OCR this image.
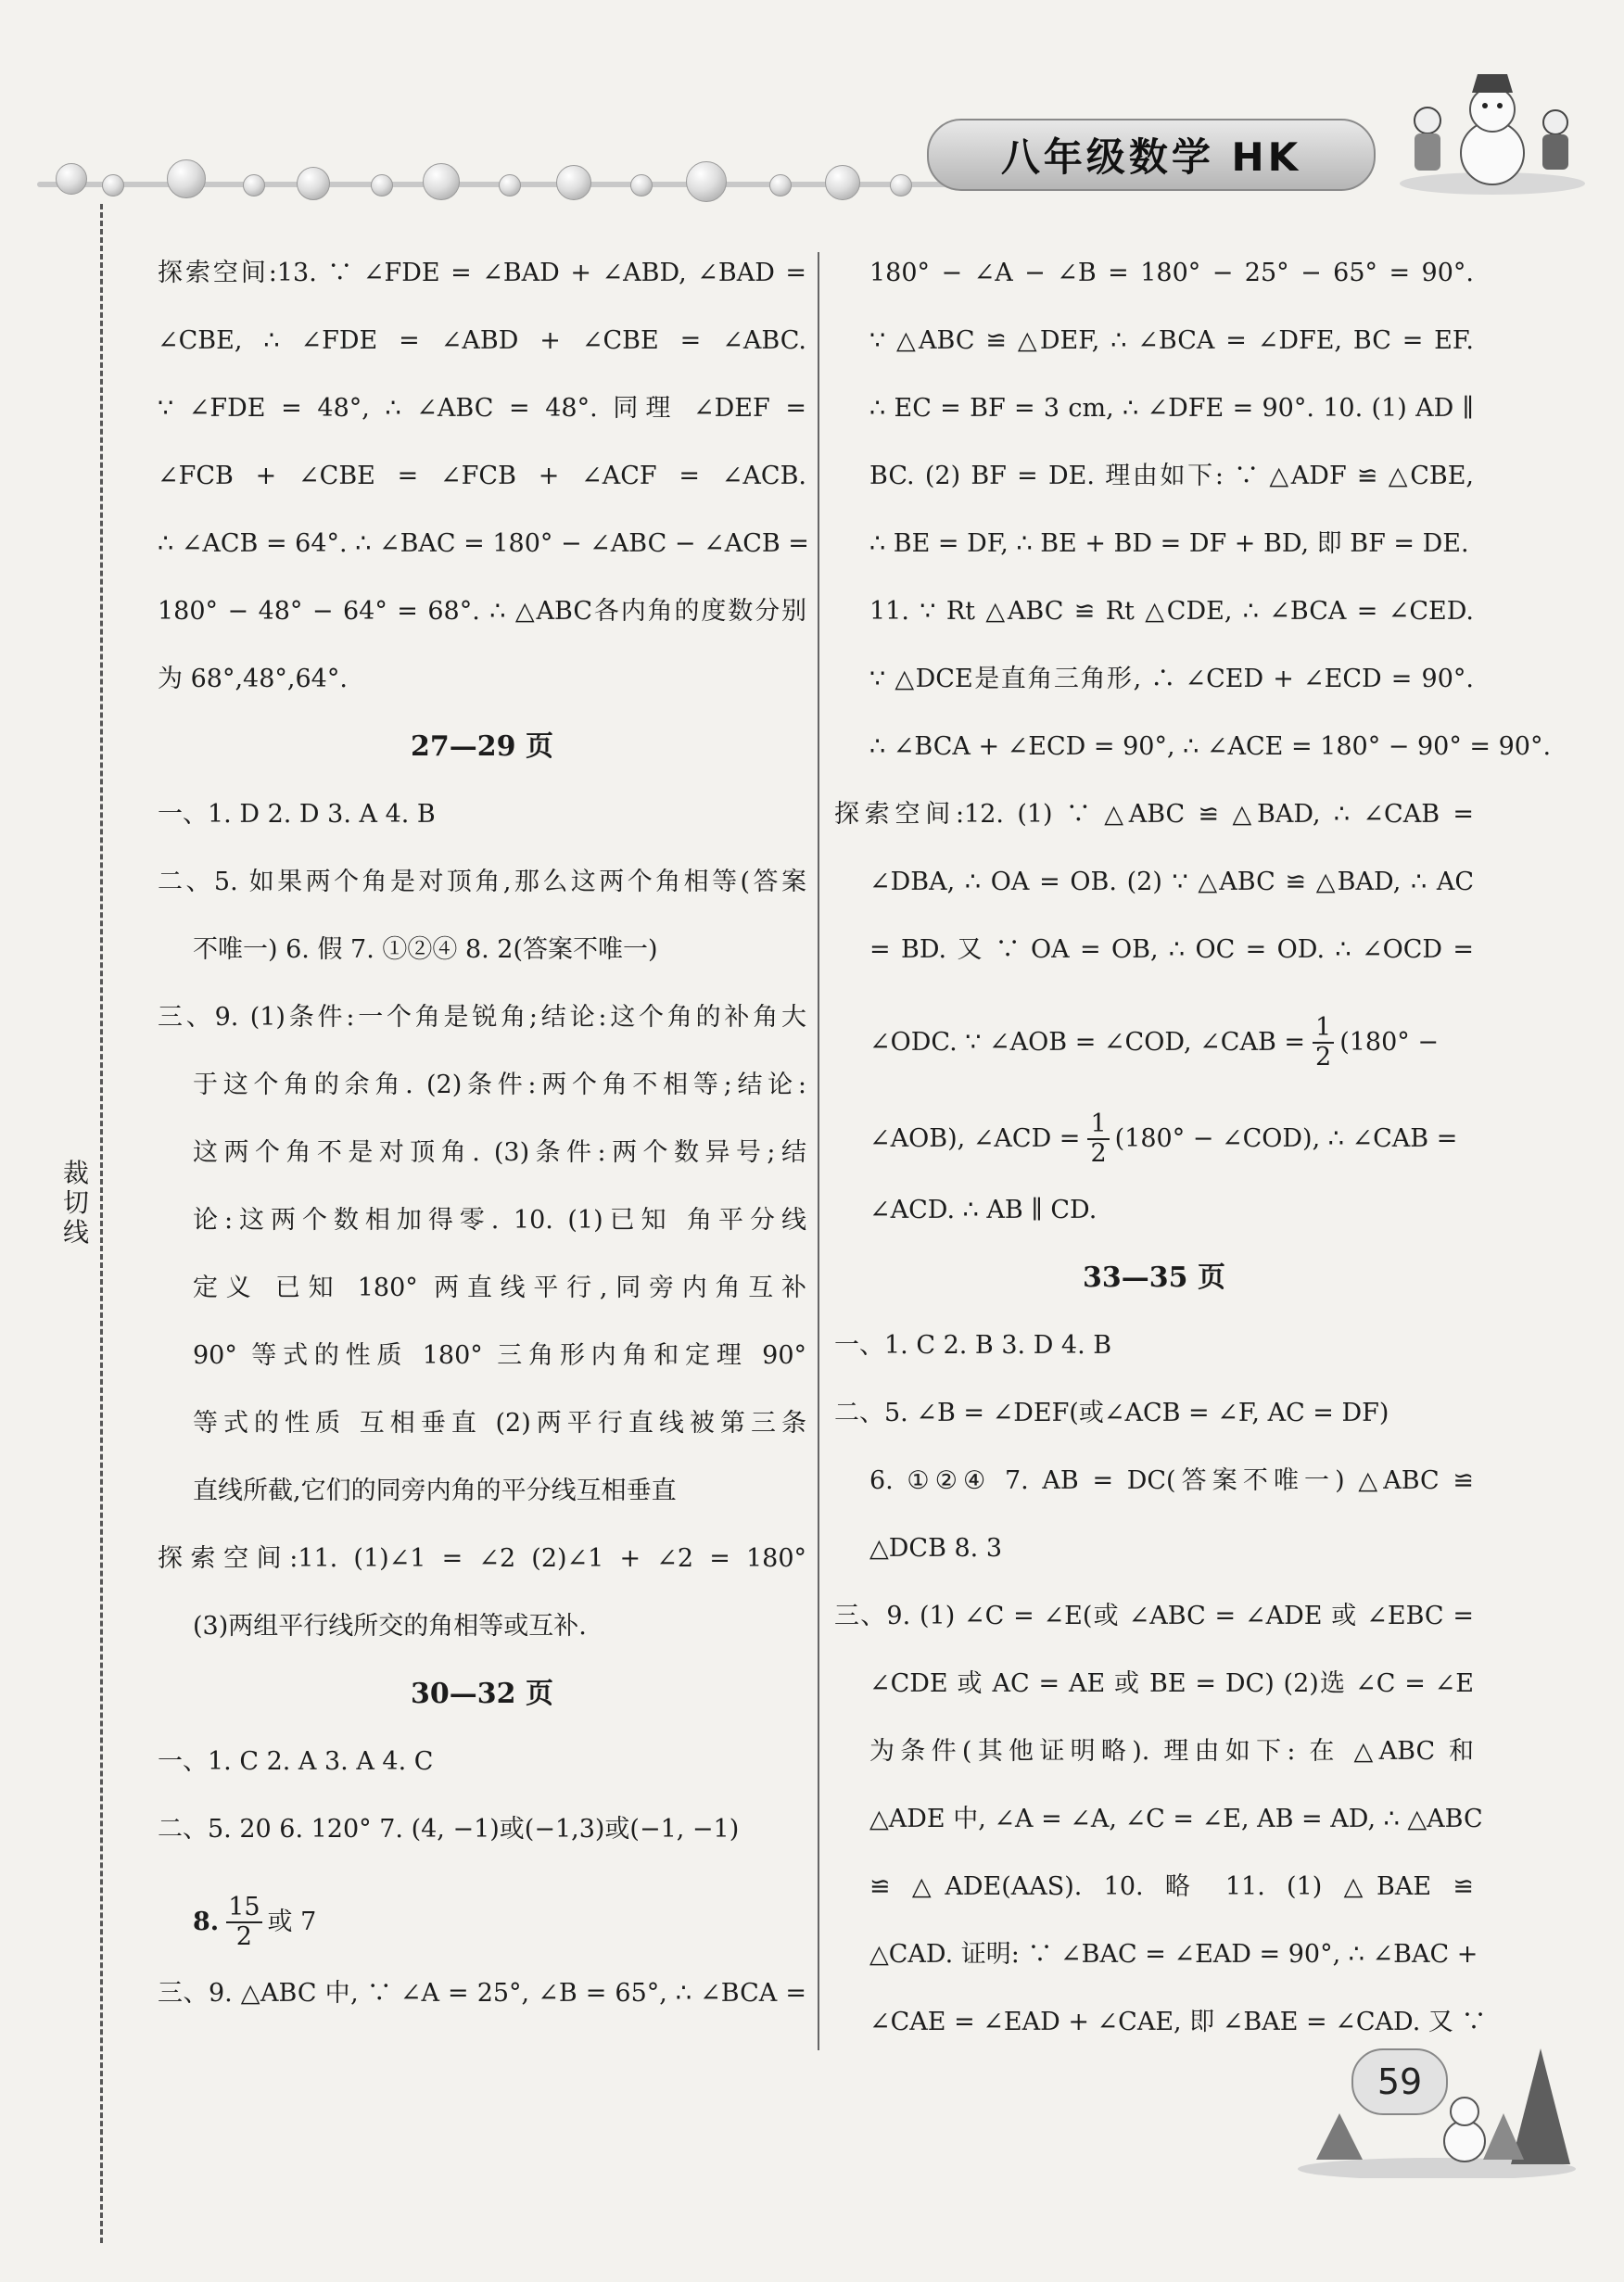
八年级数学 HK
裁切线
探索空间:13. ∵ ∠FDE = ∠BAD + ∠ABD, ∠BAD =
∠CBE, ∴ ∠FDE = ∠ABD + ∠CBE = ∠ABC.
∵ ∠FDE = 48°, ∴ ∠ABC = 48°. 同理 ∠DEF =
∠FCB + ∠CBE = ∠FCB + ∠ACF = ∠ACB.
∴ ∠ACB = 64°. ∴ ∠BAC = 180° − ∠ABC − ∠ACB =
180° − 48° − 64° = 68°. ∴ △ABC各内角的度数分别
为 68°,48°,64°.
27—29 页
一、1. D 2. D 3. A 4. B
二、5. 如果两个角是对顶角,那么这两个角相等(答案
不唯一) 6. 假 7. ①②④ 8. 2(答案不唯一)
三、9. (1)条件:一个角是锐角;结论:这个角的补角大
于这个角的余角. (2)条件:两个角不相等;结论:
这两个角不是对顶角. (3)条件:两个数异号;结
论:这两个数相加得零. 10. (1)已知 角平分线
定义 已知 180° 两直线平行,同旁内角互补
90° 等式的性质 180° 三角形内角和定理 90°
等式的性质 互相垂直 (2)两平行直线被第三条
直线所截,它们的同旁内角的平分线互相垂直
探索空间:11. (1)∠1 = ∠2 (2)∠1 + ∠2 = 180°
(3)两组平行线所交的角相等或互补.
30—32 页
一、1. C 2. A 3. A 4. C
二、5. 20 6. 120° 7. (4, −1)或(−1,3)或(−1, −1)
8. $\frac{15}{2}$ 或 7
三、9. △ABC 中, ∵ ∠A = 25°, ∠B = 65°, ∴ ∠BCA =
180° − ∠A − ∠B = 180° − 25° − 65° = 90°.
∵ △ABC ≌ △DEF, ∴ ∠BCA = ∠DFE, BC = EF.
∴ EC = BF = 3 cm, ∴ ∠DFE = 90°. 10. (1) AD ∥
BC. (2) BF = DE. 理由如下: ∵ △ADF ≌ △CBE,
∴ BE = DF, ∴ BE + BD = DF + BD, 即 BF = DE.
11. ∵ Rt △ABC ≌ Rt △CDE, ∴ ∠BCA = ∠CED.
∵ △DCE是直角三角形, ∴ ∠CED + ∠ECD = 90°.
∴ ∠BCA + ∠ECD = 90°, ∴ ∠ACE = 180° − 90° = 90°.
探索空间:12. (1) ∵ △ABC ≌ △BAD, ∴ ∠CAB =
∠DBA, ∴ OA = OB. (2) ∵ △ABC ≌ △BAD, ∴ AC
= BD. 又 ∵ OA = OB, ∴ OC = OD. ∴ ∠OCD =
∠ODC. ∵ ∠AOB = ∠COD, ∠CAB = $\frac{1}{2} (180^\circ$ −
∠AOB), ∠ACD = $\frac{1}{2} (180^\circ$ − ∠COD), ∴ ∠CAB =
∠ACD. ∴ AB ∥ CD.
33—35 页
一、1. C 2. B 3. D 4. B
二、5. ∠B = ∠DEF(或∠ACB = ∠F, AC = DF)
6. ①②④ 7. AB = DC(答案不唯一) △ABC ≌
△DCB 8. 3
三、9. (1) ∠C = ∠E(或 ∠ABC = ∠ADE 或 ∠EBC =
∠CDE 或 AC = AE 或 BE = DC) (2)选 ∠C = ∠E
为条件(其他证明略). 理由如下: 在 △ABC 和
△ADE 中, ∠A = ∠A, ∠C = ∠E, AB = AD, ∴ △ABC
≌ △ADE(AAS). 10. 略 11. (1) △BAE ≌
△CAD. 证明: ∵ ∠BAC = ∠EAD = 90°, ∴ ∠BAC +
∠CAE = ∠EAD + ∠CAE, 即 ∠BAE = ∠CAD. 又 ∵
59
